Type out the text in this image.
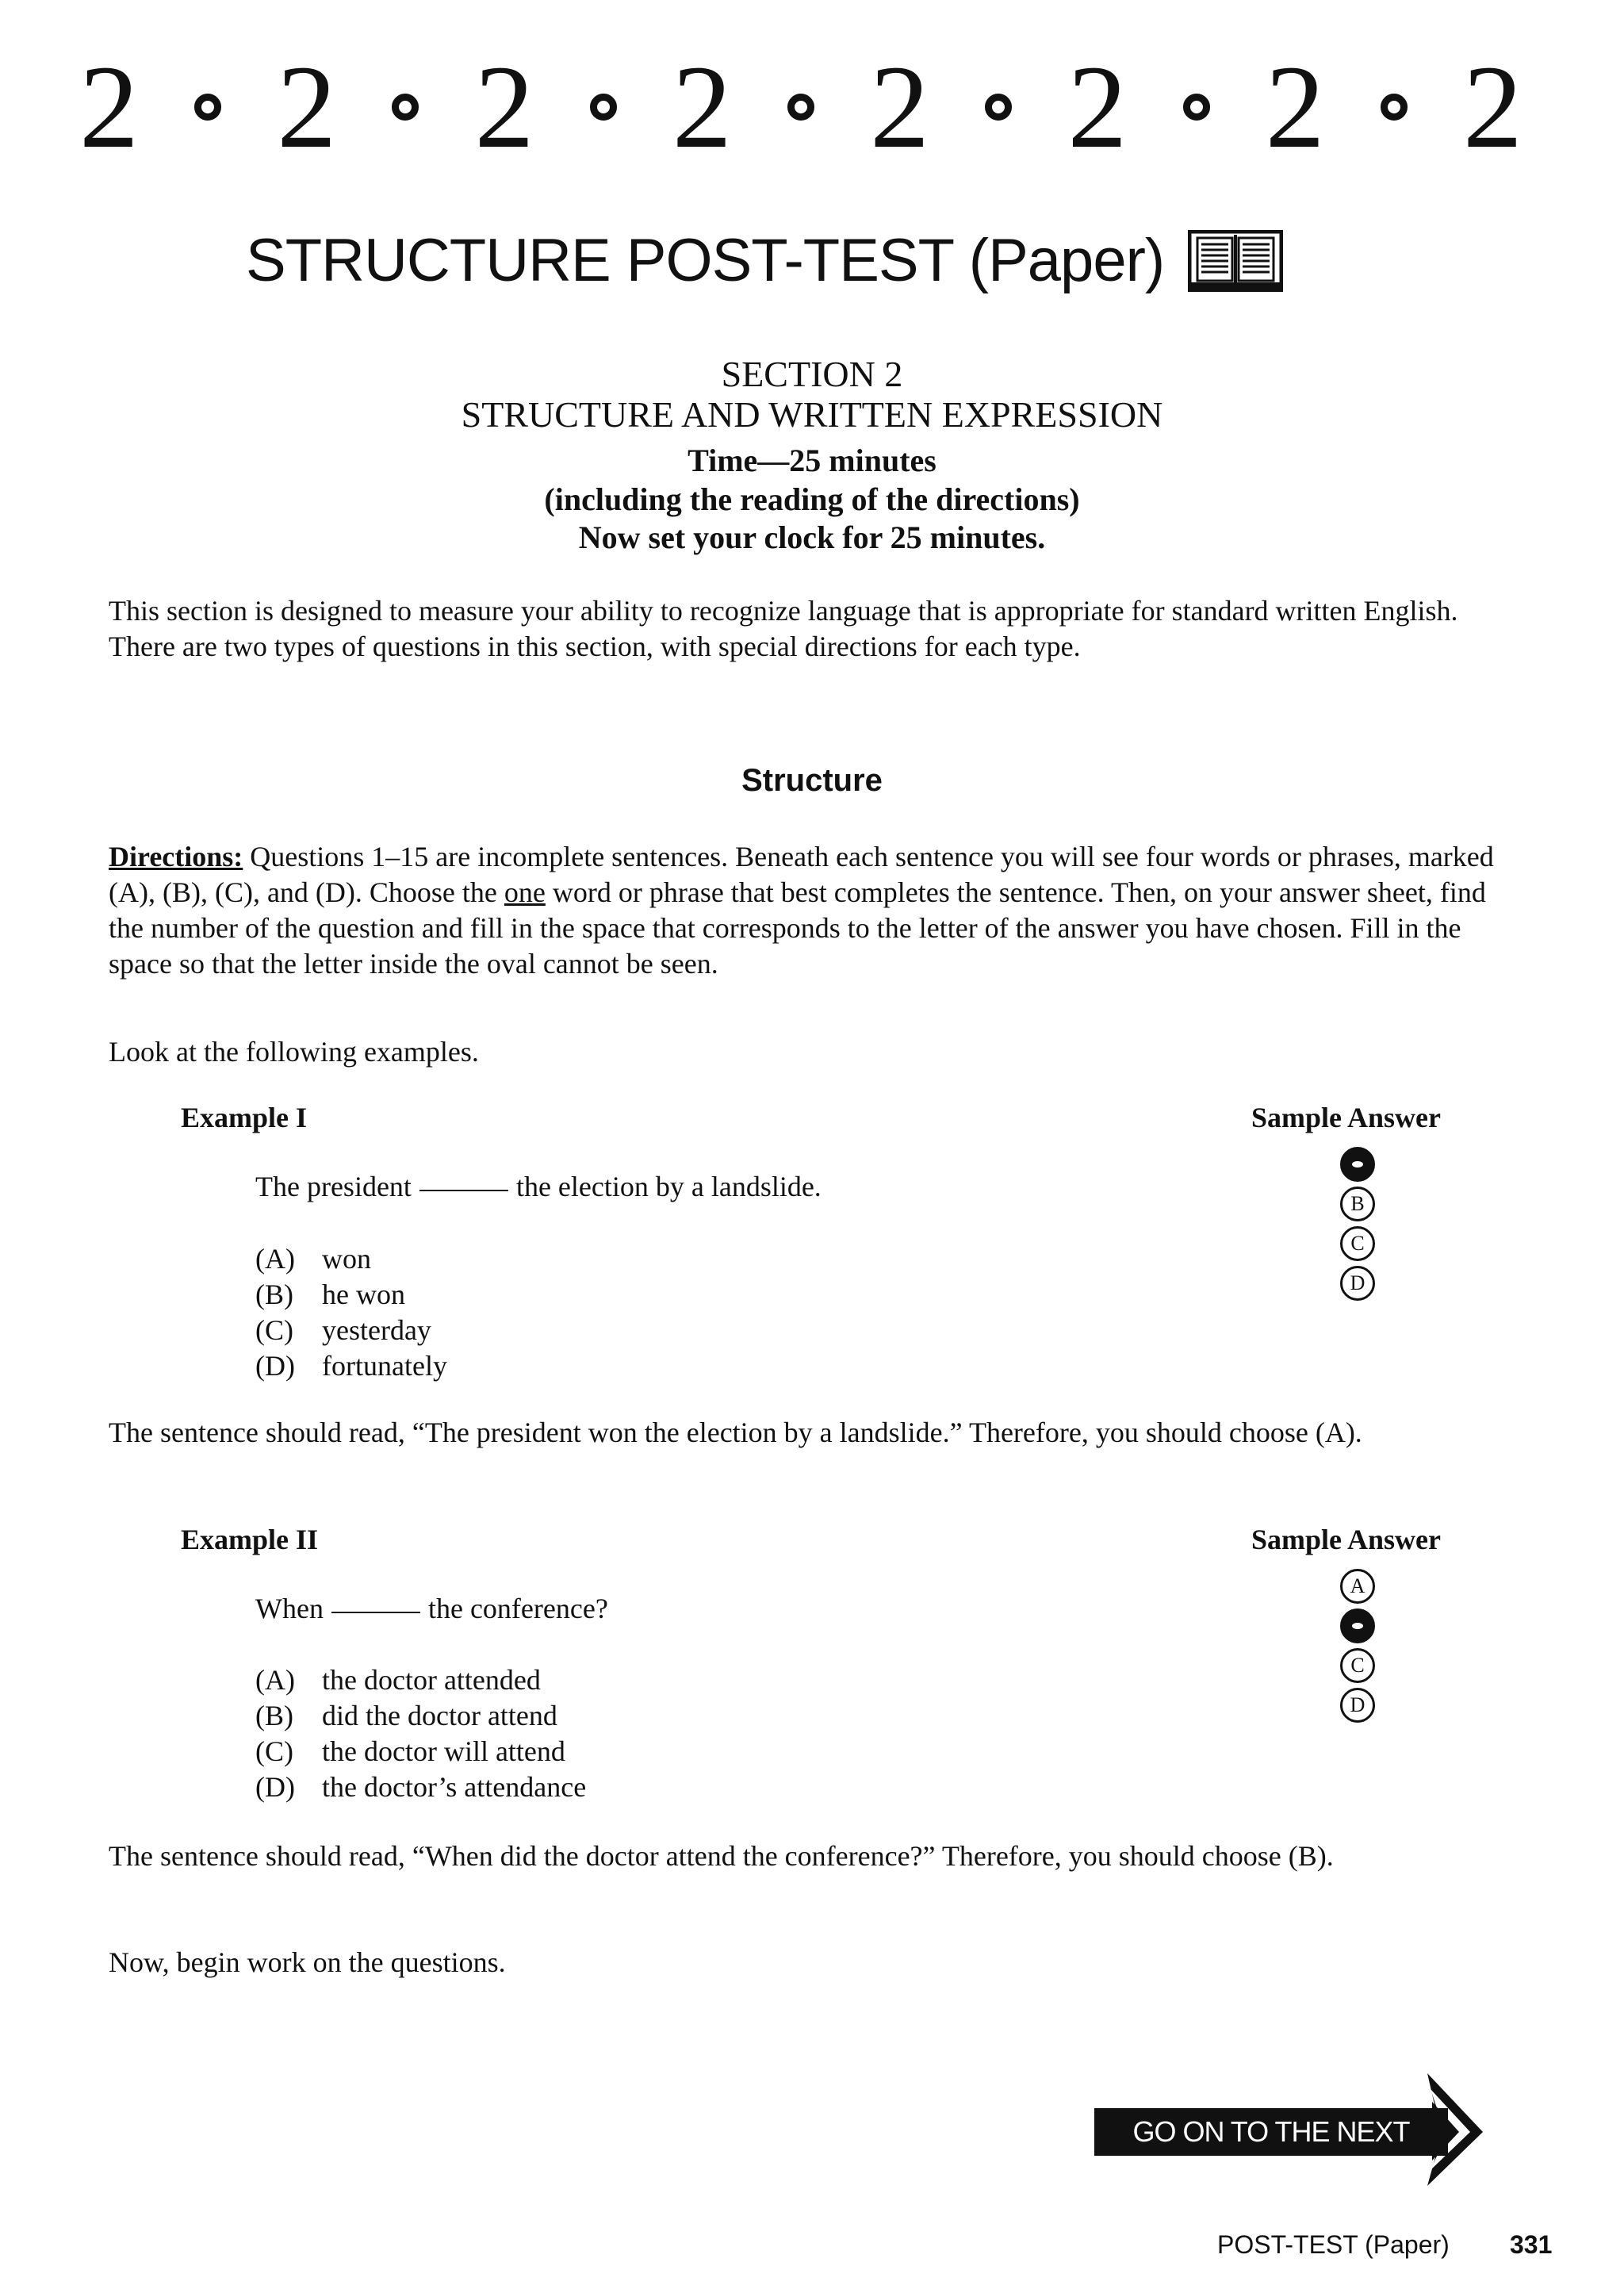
2 2 2 2 2 2 2 2
STRUCTURE POST-TEST (Paper)
SECTION 2
STRUCTURE AND WRITTEN EXPRESSION
Time—25 minutes
(including the reading of the directions)
Now set your clock for 25 minutes.
This section is designed to measure your ability to recognize language that is appropriate for standard written English. There are two types of questions in this section, with special directions for each type.
Structure
Directions: Questions 1–15 are incomplete sentences. Beneath each sentence you will see four words or phrases, marked (A), (B), (C), and (D). Choose the one word or phrase that best completes the sentence. Then, on your answer sheet, find the number of the question and fill in the space that corresponds to the letter of the answer you have chosen. Fill in the space so that the letter inside the oval cannot be seen.
Look at the following examples.
Example I	Sample Answer
The president	the election by a landslide.
(A) won
(B)	he won
(C)	yesterday
(D) fortunately
B
C
D
The sentence should read, “The president won the election by a landslide.” Therefore, you should choose (A).
Example II	Sample Answer
When	the conference?
(A) the doctor attended
(B)	did the doctor attend
(C)	the doctor will attend
(D) the doctor’s attendance
A
C
D
The sentence should read, “When did the doctor attend the conference?” Therefore, you should choose (B).
Now, begin work on the questions.
GO ON TO THE NEXT PAGE
POST-TEST (Paper) 331
